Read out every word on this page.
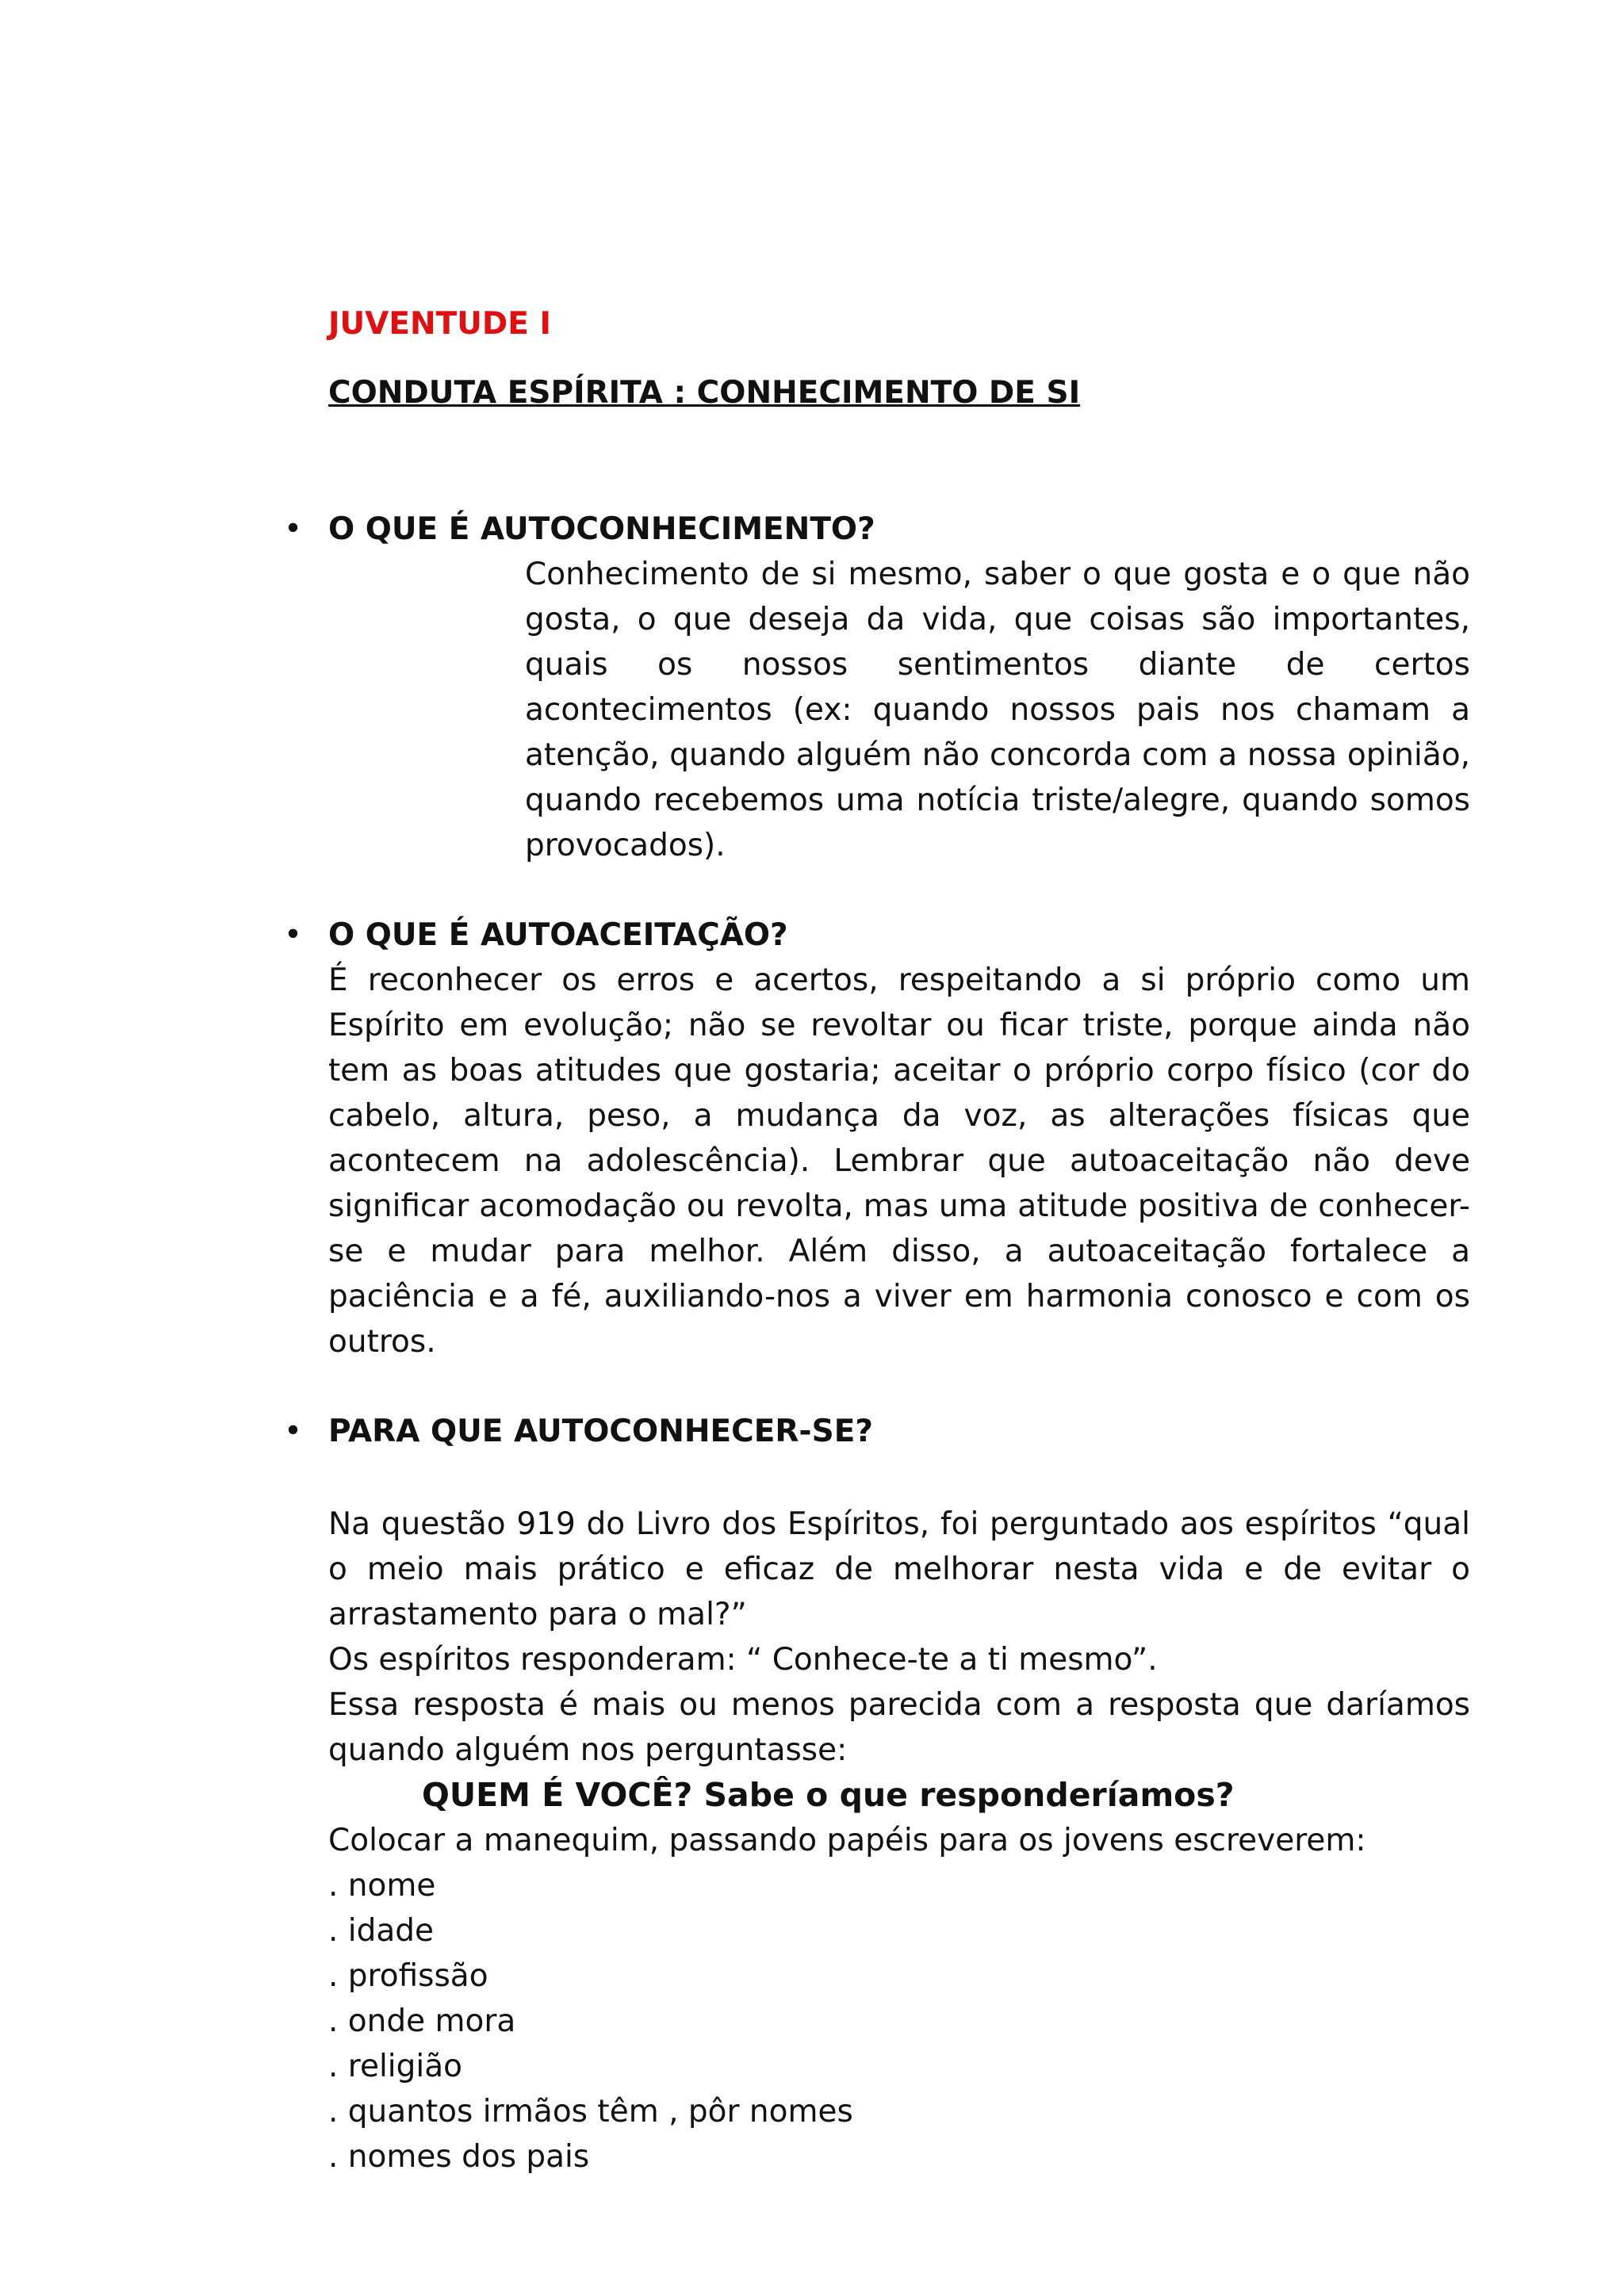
JUVENTUDE I

CONDUTA ESPÍRITA : CONHECIMENTO DE SI

• O QUE É AUTOCONHECIMENTO?

Conhecimento de si mesmo, saber o que gosta e o que não gosta, o que deseja da vida, que coisas são importantes, quais os nossos sentimentos diante de certos acontecimentos (ex: quando nossos pais nos chamam a atenção, quando alguém não concorda com a nossa opinião, quando recebemos uma notícia triste/alegre, quando somos provocados).

• O QUE É AUTOACEITAÇÃO?

É reconhecer os erros e acertos, respeitando a si próprio como um Espírito em evolução; não se revoltar ou ficar triste, porque ainda não tem as boas atitudes que gostaria; aceitar o próprio corpo físico (cor do cabelo, altura, peso, a mudança da voz, as alterações físicas que acontecem na adolescência). Lembrar que autoaceitação não deve significar acomodação ou revolta, mas uma atitude positiva de conhecer-se e mudar para melhor. Além disso, a autoaceitação fortalece a paciência e a fé, auxiliando-nos a viver em harmonia conosco e com os outros.

• PARA QUE AUTOCONHECER-SE?

Na questão 919 do Livro dos Espíritos, foi perguntado aos espíritos “qual o meio mais prático e eficaz de melhorar nesta vida e de evitar o arrastamento para o mal?”

Os espíritos responderam: “ Conhece-te a ti mesmo”.

Essa resposta é mais ou menos parecida com a resposta que daríamos quando alguém nos perguntasse:

QUEM É VOCÊ? Sabe o que responderíamos?

Colocar a manequim, passando papéis para os jovens escreverem:

. nome

. idade

. profissão

. onde mora

. religião

. quantos irmãos têm , pôr nomes

. nomes dos pais
